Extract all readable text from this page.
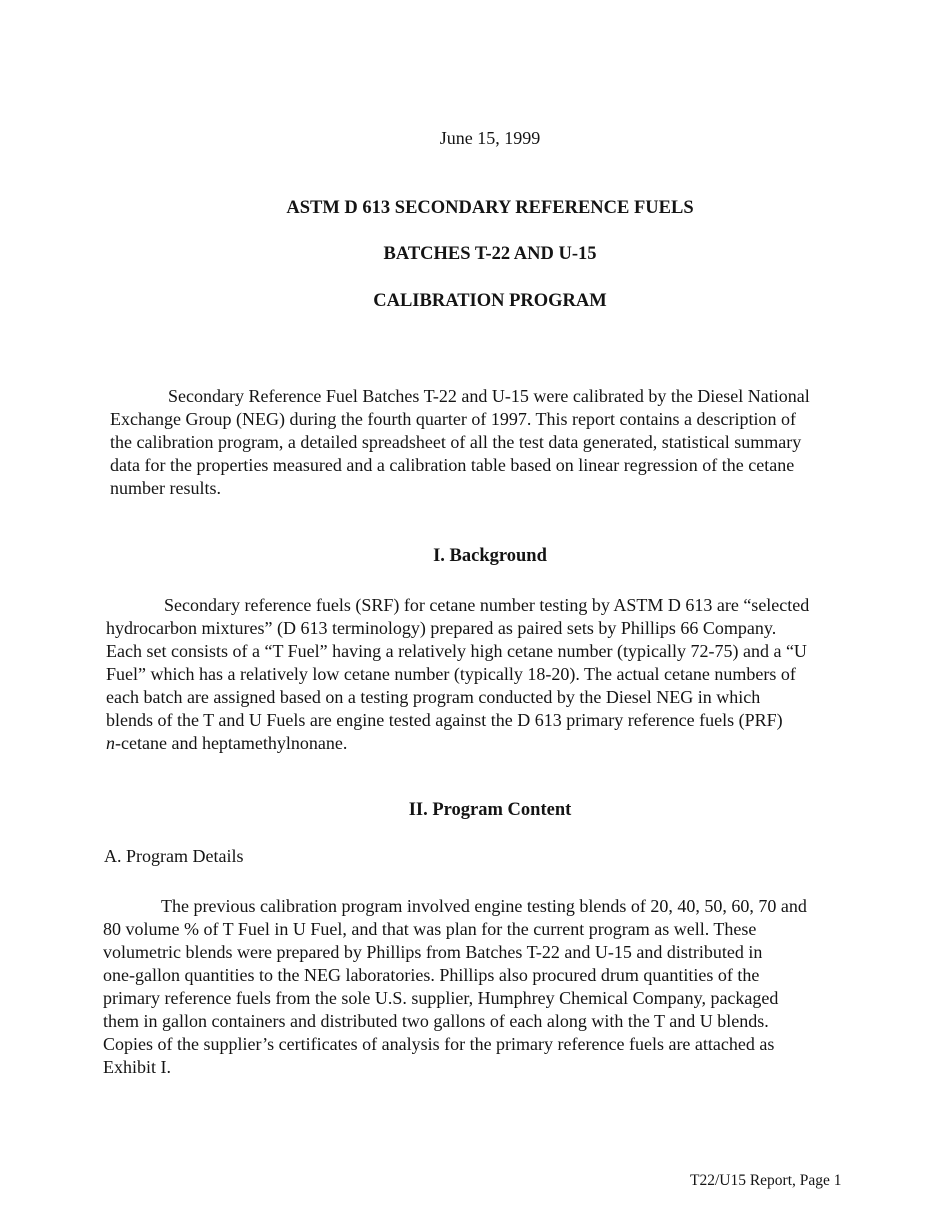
June 15, 1999
ASTM D 613 SECONDARY REFERENCE FUELS
BATCHES T-22 AND U-15
CALIBRATION PROGRAM
Secondary Reference Fuel Batches T-22 and U-15 were calibrated by the Diesel National
Exchange Group (NEG) during the fourth quarter of 1997. This report contains a description of
the calibration program, a detailed spreadsheet of all the test data generated, statistical summary
data for the properties measured and a calibration table based on linear regression of the cetane
number results.
I. Background
Secondary reference fuels (SRF) for cetane number testing by ASTM D 613 are “selected
hydrocarbon mixtures” (D 613 terminology) prepared as paired sets by Phillips 66 Company.
Each set consists of a “T Fuel” having a relatively high cetane number (typically 72-75) and a “U
Fuel” which has a relatively low cetane number (typically 18-20). The actual cetane numbers of
each batch are assigned based on a testing program conducted by the Diesel NEG in which
blends of the T and U Fuels are engine tested against the D 613 primary reference fuels (PRF)
n-cetane and heptamethylnonane.
II. Program Content
A. Program Details
The previous calibration program involved engine testing blends of 20, 40, 50, 60, 70 and
80 volume % of T Fuel in U Fuel, and that was plan for the current program as well. These
volumetric blends were prepared by Phillips from Batches T-22 and U-15 and distributed in
one-gallon quantities to the NEG laboratories. Phillips also procured drum quantities of the
primary reference fuels from the sole U.S. supplier, Humphrey Chemical Company, packaged
them in gallon containers and distributed two gallons of each along with the T and U blends.
Copies of the supplier’s certificates of analysis for the primary reference fuels are attached as
Exhibit I.
T22/U15 Report, Page 1
